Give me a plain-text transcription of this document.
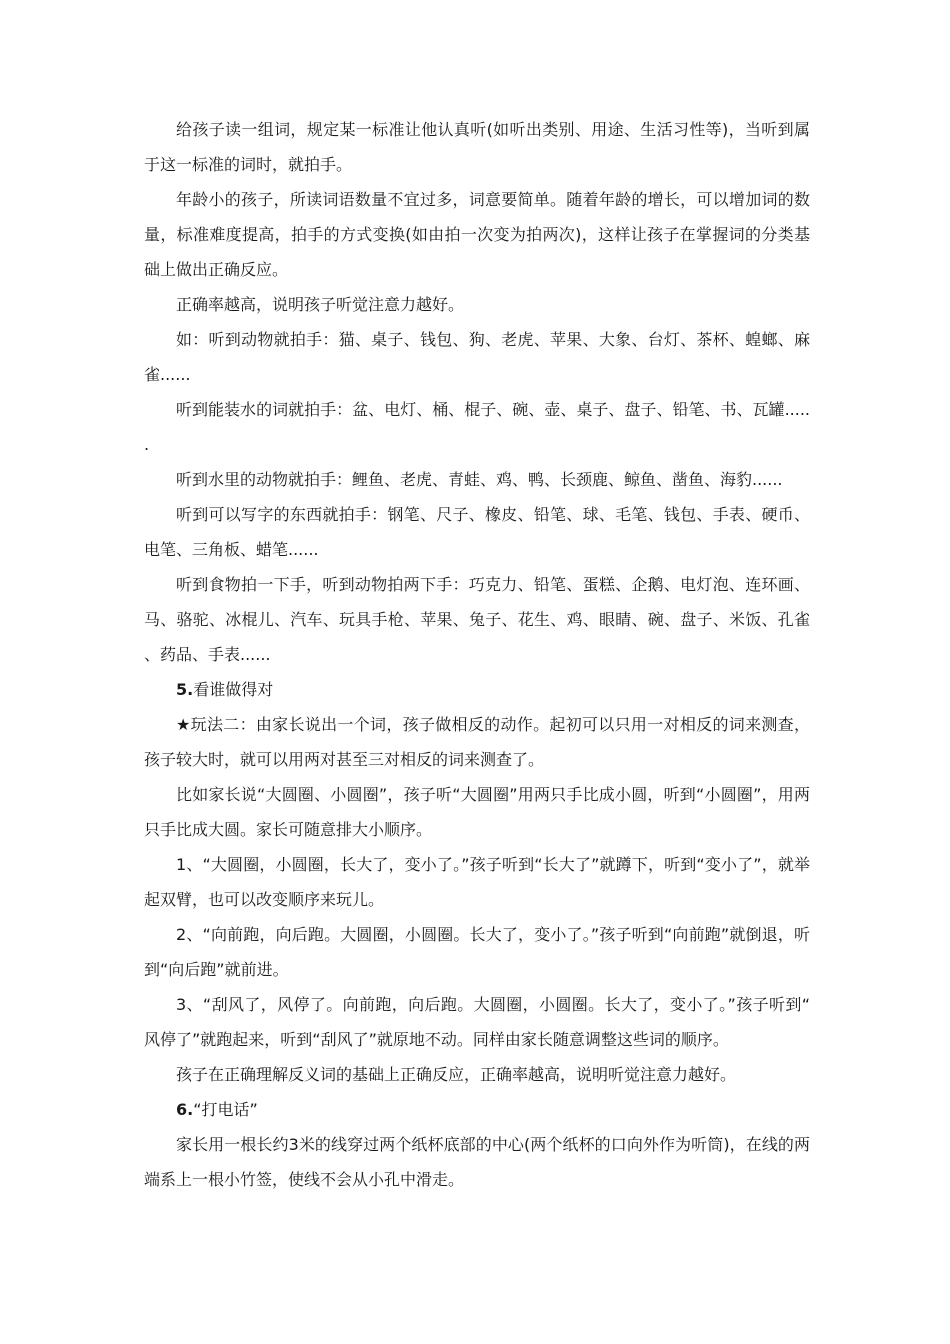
给孩子读一组词，规定某一标准让他认真听(如听出类别、用途、生活习性等)，当听到属于这一标准的词时，就拍手。

年龄小的孩子，所读词语数量不宜过多，词意要简单。随着年龄的增长，可以增加词的数量，标准难度提高，拍手的方式变换(如由拍一次变为拍两次)，这样让孩子在掌握词的分类基础上做出正确反应。

正确率越高，说明孩子听觉注意力越好。

如：听到动物就拍手：猫、桌子、钱包、狗、老虎、苹果、大象、台灯、茶杯、蝗螂、麻雀......

听到能装水的词就拍手：盆、电灯、桶、棍子、碗、壶、桌子、盘子、铅笔、书、瓦罐......

听到水里的动物就拍手：鲤鱼、老虎、青蛙、鸡、鸭、长颈鹿、鲸鱼、凿鱼、海豹......

听到可以写字的东西就拍手：钢笔、尺子、橡皮、铅笔、球、毛笔、钱包、手表、硬币、电笔、三角板、蜡笔......

听到食物拍一下手，听到动物拍两下手：巧克力、铅笔、蛋糕、企鹅、电灯泡、连环画、马、骆驼、冰棍儿、汽车、玩具手枪、苹果、兔子、花生、鸡、眼睛、碗、盘子、米饭、孔雀、药品、手表......

5.看谁做得对

★玩法二：由家长说出一个词，孩子做相反的动作。起初可以只用一对相反的词来测查，孩子较大时，就可以用两对甚至三对相反的词来测查了。

比如家长说“大圆圈、小圆圈”，孩子听“大圆圈”用两只手比成小圆，听到“小圆圈”，用两只手比成大圆。家长可随意排大小顺序。

1、“大圆圈，小圆圈，长大了，变小了。”孩子听到“长大了”就蹲下，听到“变小了”，就举起双臂，也可以改变顺序来玩儿。

2、“向前跑，向后跑。大圆圈，小圆圈。长大了，变小了。”孩子听到“向前跑”就倒退，听到“向后跑”就前进。

3、“刮风了，风停了。向前跑，向后跑。大圆圈，小圆圈。长大了，变小了。”孩子听到“风停了”就跑起来，听到“刮风了”就原地不动。同样由家长随意调整这些词的顺序。

孩子在正确理解反义词的基础上正确反应，正确率越高，说明听觉注意力越好。

6.“打电话”

家长用一根长约3米的线穿过两个纸杯底部的中心(两个纸杯的口向外作为听筒)，在线的两端系上一根小竹签，使线不会从小孔中滑走。
